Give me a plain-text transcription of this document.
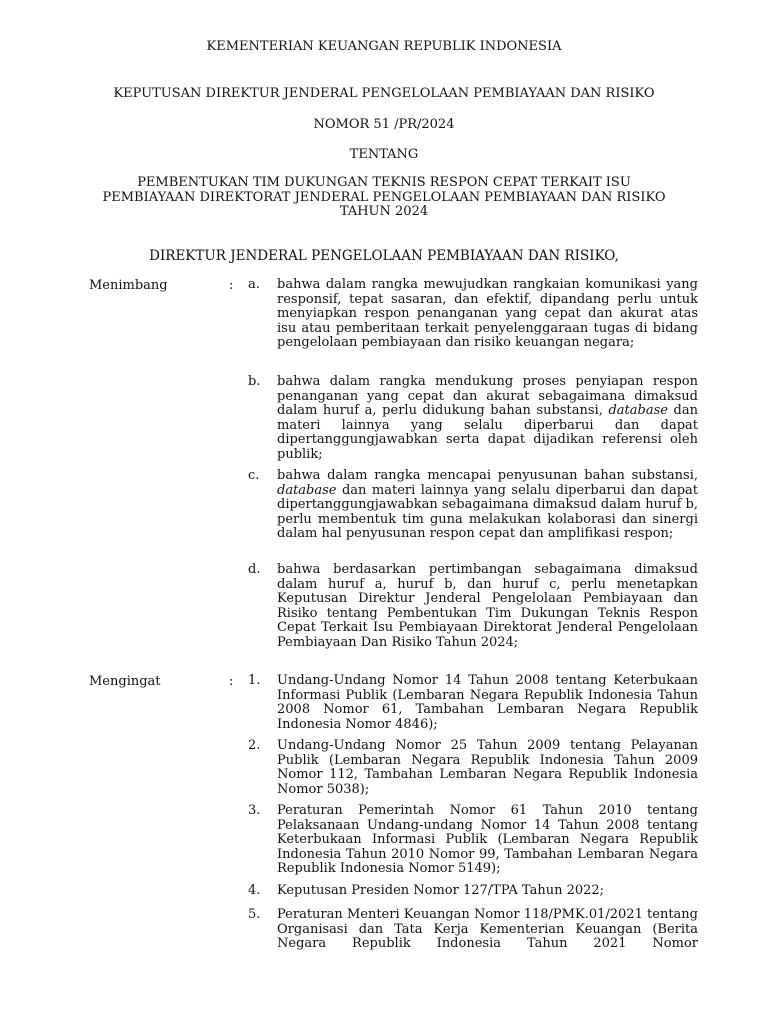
KEMENTERIAN KEUANGAN REPUBLIK INDONESIA
KEPUTUSAN DIREKTUR JENDERAL PENGELOLAAN PEMBIAYAAN DAN RISIKO
NOMOR 51 /PR/2024
TENTANG
PEMBENTUKAN TIM DUKUNGAN TEKNIS RESPON CEPAT TERKAIT ISU
PEMBIAYAAN DIREKTORAT JENDERAL PENGELOLAAN PEMBIAYAAN DAN RISIKO
TAHUN 2024
DIREKTUR JENDERAL PENGELOLAAN PEMBIAYAAN DAN RISIKO,
Menimbang	: a.	bahwa dalam rangka mewujudkan rangkaian komunikasi yang responsif, tepat sasaran, dan efektif, dipandang perlu untuk menyiapkan respon penanganan yang cepat dan akurat atas isu atau pemberitaan terkait penyelenggaraan tugas di bidang pengelolaan pembiayaan dan risiko keuangan negara;
b.	bahwa dalam rangka mendukung proses penyiapan respon penanganan yang cepat dan akurat sebagaimana dimaksud dalam huruf a, perlu didukung bahan substansi, database dan materi lainnya yang selalu diperbarui dan dapat dipertanggungjawabkan serta dapat dijadikan referensi oleh publik;
c.	bahwa dalam rangka mencapai penyusunan bahan substansi, database dan materi lainnya yang selalu diperbarui dan dapat dipertanggungjawabkan sebagaimana dimaksud dalam huruf b, perlu membentuk tim guna melakukan kolaborasi dan sinergi dalam hal penyusunan respon cepat dan amplifikasi respon;
d.	bahwa berdasarkan pertimbangan sebagaimana dimaksud dalam huruf a, huruf b, dan huruf c, perlu menetapkan Keputusan Direktur Jenderal Pengelolaan Pembiayaan dan Risiko tentang Pembentukan Tim Dukungan Teknis Respon Cepat Terkait Isu Pembiayaan Direktorat Jenderal Pengelolaan Pembiayaan Dan Risiko Tahun 2024;
Mengingat	: 1.	Undang-Undang Nomor 14 Tahun 2008 tentang Keterbukaan Informasi Publik (Lembaran Negara Republik Indonesia Tahun 2008 Nomor 61, Tambahan Lembaran Negara Republik Indonesia Nomor 4846);
2.	Undang-Undang Nomor 25 Tahun 2009 tentang Pelayanan Publik (Lembaran Negara Republik Indonesia Tahun 2009 Nomor 112, Tambahan Lembaran Negara Republik Indonesia Nomor 5038);
3.	Peraturan Pemerintah Nomor 61 Tahun 2010 tentang Pelaksanaan Undang-undang Nomor 14 Tahun 2008 tentang Keterbukaan Informasi Publik (Lembaran Negara Republik Indonesia Tahun 2010 Nomor 99, Tambahan Lembaran Negara Republik Indonesia Nomor 5149);
4.	Keputusan Presiden Nomor 127/TPA Tahun 2022;
5.	Peraturan Menteri Keuangan Nomor 118/PMK.01/2021 tentang Organisasi dan Tata Kerja Kementerian Keuangan (Berita Negara Republik Indonesia Tahun 2021 Nomor
